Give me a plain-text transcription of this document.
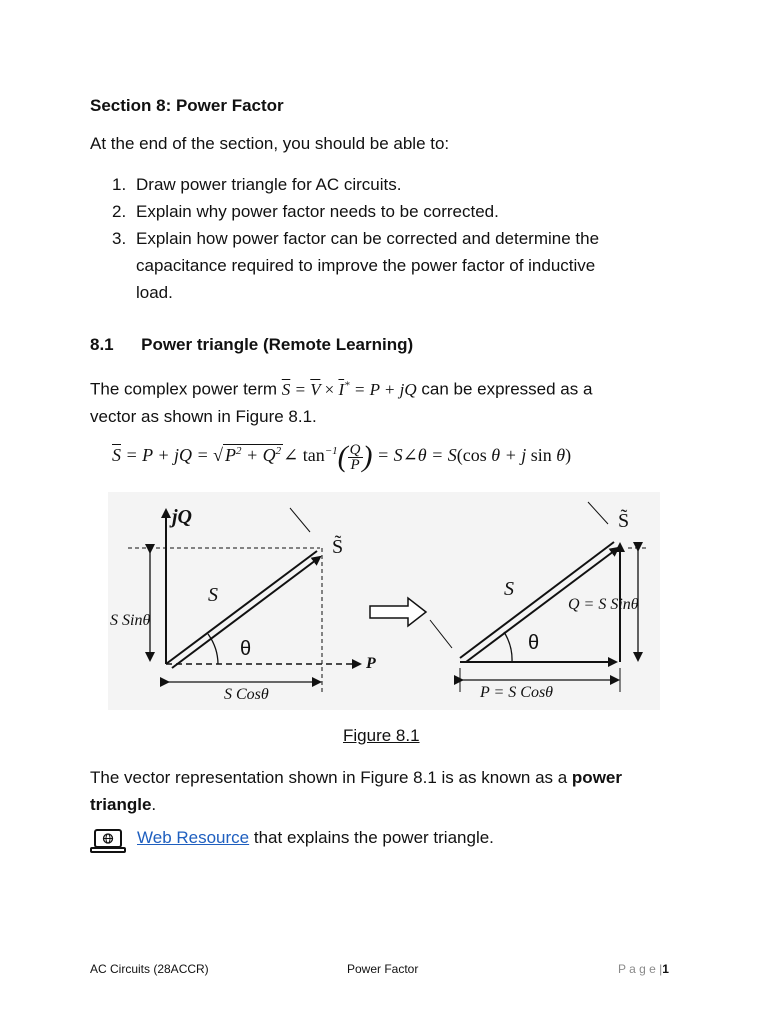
Section 8: Power Factor
At the end of the section, you should be able to:
1. Draw power triangle for AC circuits.
2. Explain why power factor needs to be corrected.
3. Explain how power factor can be corrected and determine the
capacitance required to improve the power factor of inductive
load.
8.1 Power triangle (Remote Learning)
The complex power term $\overline{S} = \overline{V} \times \overline{I}^* = P$ + jQ can be expressed as a
vector as shown in Figure 8.1.
$\overline{S} = P$ + jQ = √ $P^2 + Q^2$ ∠ $\tan^{-1}( \frac{Q}{P}$ ) = S∠θ = S(cos θ + j sin θ)
jQ
S̃
S
S Sinθ
θ
P
S Cosθ
S̃
S
Q = S Sinθ
θ
P = S Cosθ
Figure 8.1
The vector representation shown in Figure 8.1 is as known as a power
triangle.
Web Resource that explains the power triangle.
AC Circuits (28ACCR)	Power Factor	P a g e |1
